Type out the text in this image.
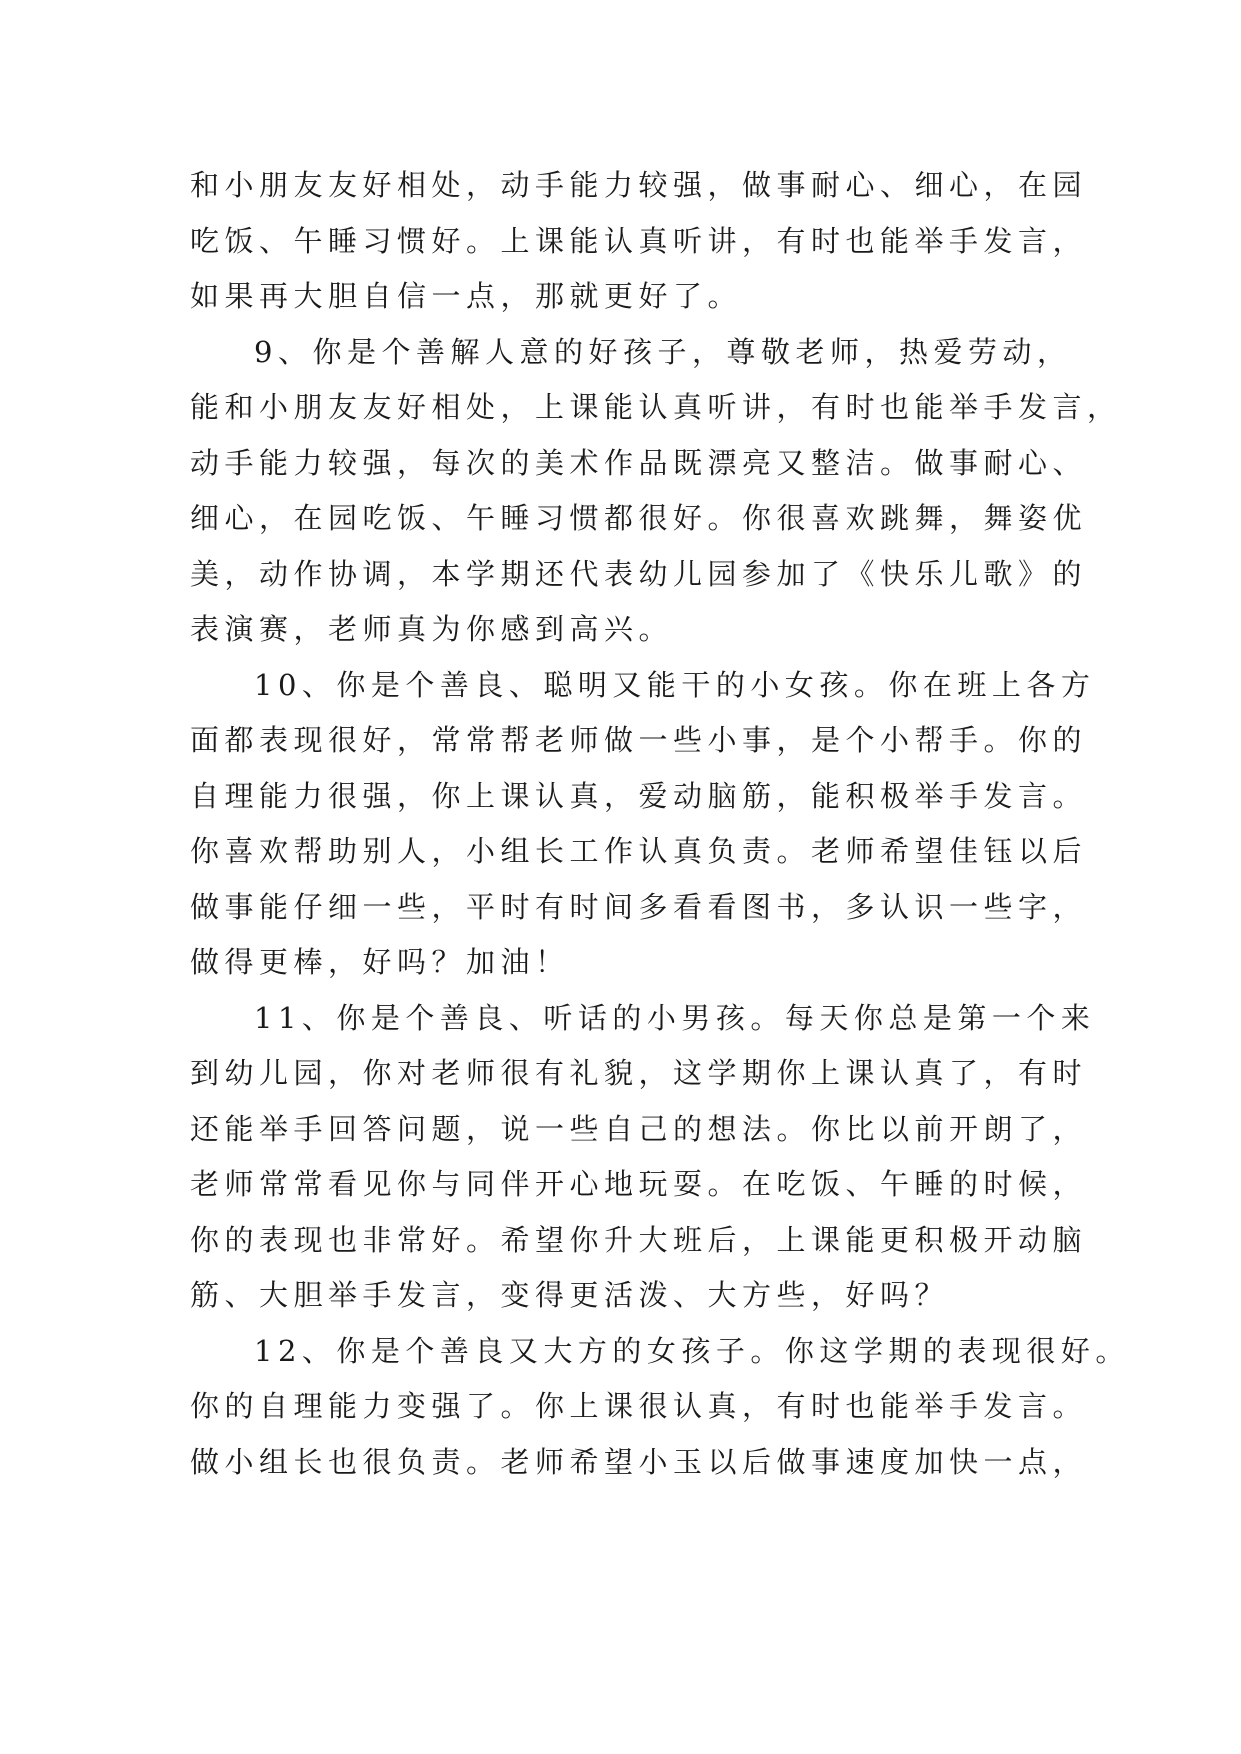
和小朋友友好相处，动手能力较强，做事耐心、细心，在园
吃饭、午睡习惯好。上课能认真听讲，有时也能举手发言，
如果再大胆自信一点，那就更好了。
9、你是个善解人意的好孩子，尊敬老师，热爱劳动，
能和小朋友友好相处，上课能认真听讲，有时也能举手发言，
动手能力较强，每次的美术作品既漂亮又整洁。做事耐心、
细心，在园吃饭、午睡习惯都很好。你很喜欢跳舞，舞姿优
美，动作协调，本学期还代表幼儿园参加了《快乐儿歌》的
表演赛，老师真为你感到高兴。
10、你是个善良、聪明又能干的小女孩。你在班上各方
面都表现很好，常常帮老师做一些小事，是个小帮手。你的
自理能力很强，你上课认真，爱动脑筋，能积极举手发言。
你喜欢帮助别人，小组长工作认真负责。老师希望佳钰以后
做事能仔细一些，平时有时间多看看图书，多认识一些字，
做得更棒，好吗？加油！
11、你是个善良、听话的小男孩。每天你总是第一个来
到幼儿园，你对老师很有礼貌，这学期你上课认真了，有时
还能举手回答问题，说一些自己的想法。你比以前开朗了，
老师常常看见你与同伴开心地玩耍。在吃饭、午睡的时候，
你的表现也非常好。希望你升大班后，上课能更积极开动脑
筋、大胆举手发言，变得更活泼、大方些，好吗？
12、你是个善良又大方的女孩子。你这学期的表现很好。
你的自理能力变强了。你上课很认真，有时也能举手发言。
做小组长也很负责。老师希望小玉以后做事速度加快一点，
